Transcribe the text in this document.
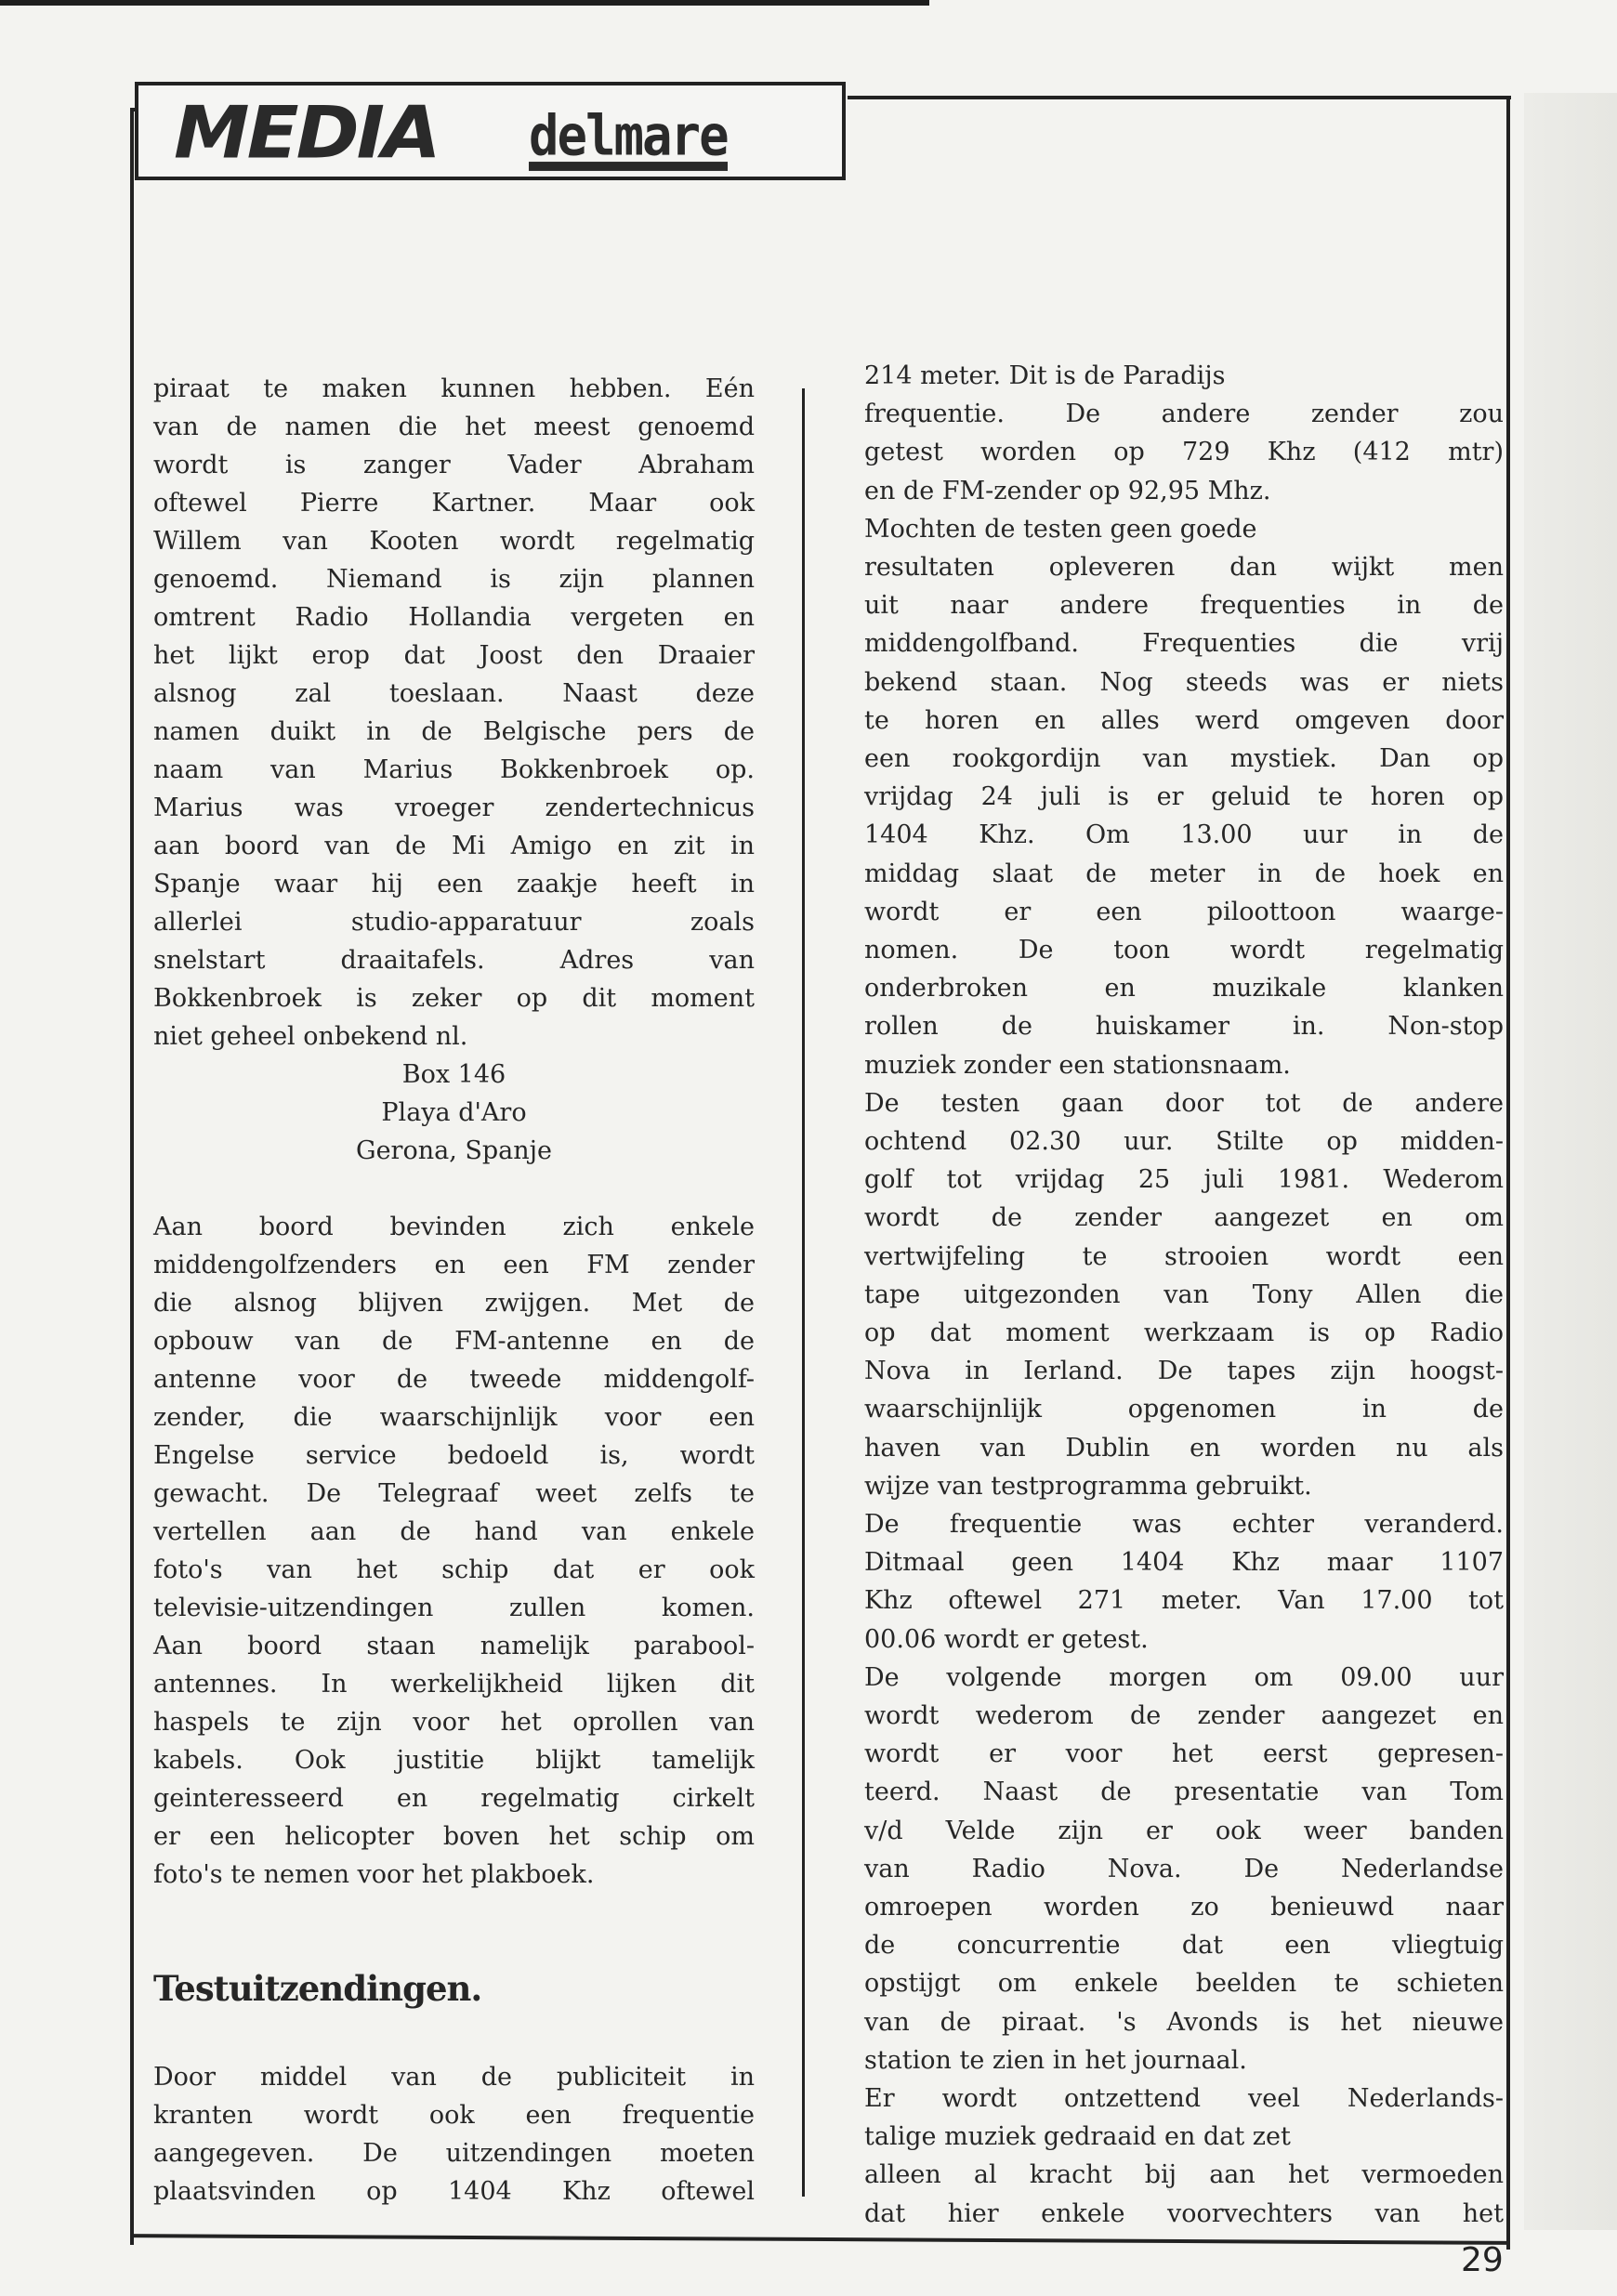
MEDIA delmare
piraat te maken kunnen hebben. Eén
van de namen die het meest genoemd
wordt is zanger Vader Abraham
oftewel Pierre Kartner. Maar ook
Willem van Kooten wordt regelmatig
genoemd. Niemand is zijn plannen
omtrent Radio Hollandia vergeten en
het lijkt erop dat Joost den Draaier
alsnog zal toeslaan. Naast deze
namen duikt in de Belgische pers de
naam van Marius Bokkenbroek op.
Marius was vroeger zendertechnicus
aan boord van de Mi Amigo en zit in
Spanje waar hij een zaakje heeft in
allerlei studio-apparatuur zoals
snelstart draaitafels. Adres van
Bokkenbroek is zeker op dit moment
niet geheel onbekend nl.
Box 146
Playa d'Aro
Gerona, Spanje
Aan boord bevinden zich enkele
middengolfzenders en een FM zender
die alsnog blijven zwijgen. Met de
opbouw van de FM-antenne en de
antenne voor de tweede middengolf-
zender, die waarschijnlijk voor een
Engelse service bedoeld is, wordt
gewacht. De Telegraaf weet zelfs te
vertellen aan de hand van enkele
foto's van het schip dat er ook
televisie-uitzendingen zullen komen.
Aan boord staan namelijk parabool-
antennes. In werkelijkheid lijken dit
haspels te zijn voor het oprollen van
kabels. Ook justitie blijkt tamelijk
geinteresseerd en regelmatig cirkelt
er een helicopter boven het schip om
foto's te nemen voor het plakboek.
Door middel van de publiciteit in
kranten wordt ook een frequentie
aangegeven. De uitzendingen moeten
plaatsvinden op 1404 Khz oftewel
Testuitzendingen.
214 meter. Dit is de Paradijs
frequentie. De andere zender zou
getest worden op 729 Khz (412 mtr)
en de FM-zender op 92,95 Mhz.
Mochten de testen geen goede
resultaten opleveren dan wijkt men
uit naar andere frequenties in de
middengolfband. Frequenties die vrij
bekend staan. Nog steeds was er niets
te horen en alles werd omgeven door
een rookgordijn van mystiek. Dan op
vrijdag 24 juli is er geluid te horen op
1404 Khz. Om 13.00 uur in de
middag slaat de meter in de hoek en
wordt er een piloottoon waarge-
nomen. De toon wordt regelmatig
onderbroken en muzikale klanken
rollen de huiskamer in. Non-stop
muziek zonder een stationsnaam.
De testen gaan door tot de andere
ochtend 02.30 uur. Stilte op midden-
golf tot vrijdag 25 juli 1981. Wederom
wordt de zender aangezet en om
vertwijfeling te strooien wordt een
tape uitgezonden van Tony Allen die
op dat moment werkzaam is op Radio
Nova in Ierland. De tapes zijn hoogst-
waarschijnlijk opgenomen in de
haven van Dublin en worden nu als
wijze van testprogramma gebruikt.
De frequentie was echter veranderd.
Ditmaal geen 1404 Khz maar 1107
Khz oftewel 271 meter. Van 17.00 tot
00.06 wordt er getest.
De volgende morgen om 09.00 uur
wordt wederom de zender aangezet en
wordt er voor het eerst gepresen-
teerd. Naast de presentatie van Tom
v/d Velde zijn er ook weer banden
van Radio Nova. De Nederlandse
omroepen worden zo benieuwd naar
de concurrentie dat een vliegtuig
opstijgt om enkele beelden te schieten
van de piraat. 's Avonds is het nieuwe
station te zien in het journaal.
Er wordt ontzettend veel Nederlands-
talige muziek gedraaid en dat zet
alleen al kracht bij aan het vermoeden
dat hier enkele voorvechters van het
29
